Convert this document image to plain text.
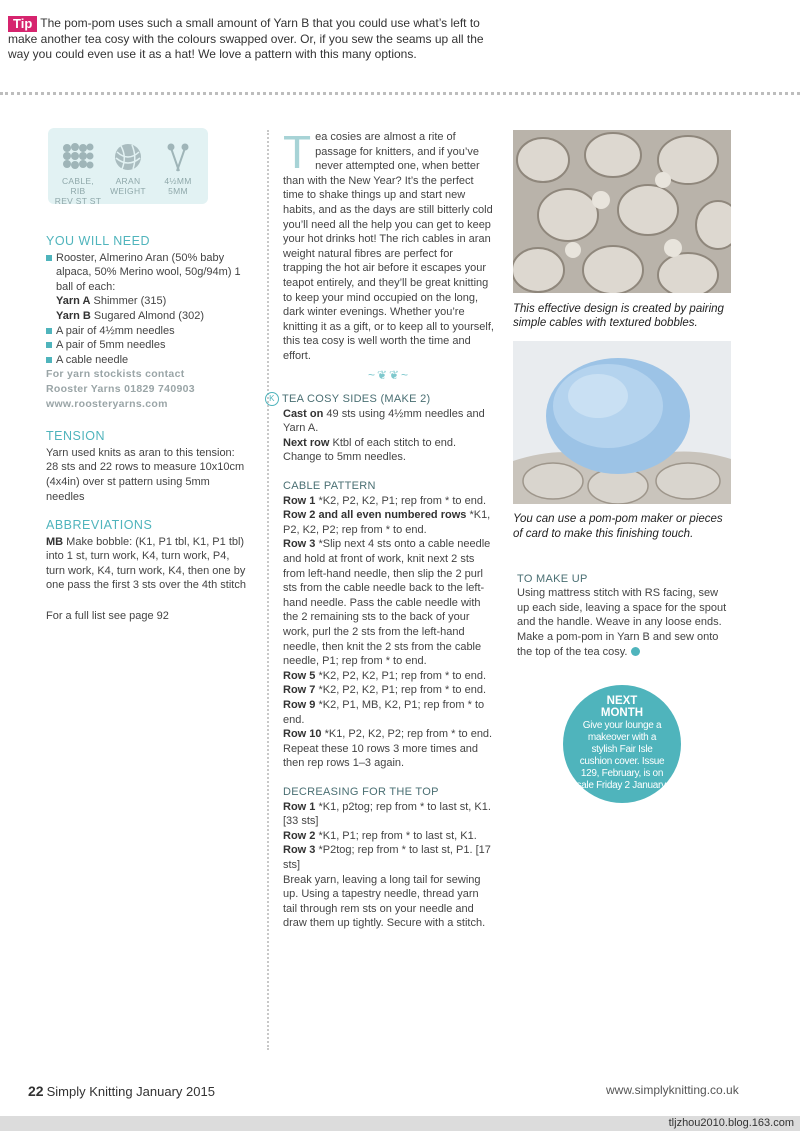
Tip The pom-pom uses such a small amount of Yarn B that you could use what’s left to make another tea cosy with the colours swapped over. Or, if you sew the seams up all the way you could even use it as a hat! We love a pattern with this many options.
CABLE, RIB
REV ST ST
ARAN
WEIGHT
4½MM
5MM
YOU WILL NEED
Rooster, Almerino Aran (50% baby alpaca, 50% Merino wool, 50g/94m) 1 ball of each:
Yarn A Shimmer (315)
Yarn B Sugared Almond (302)
A pair of 4½mm needles
A pair of 5mm needles
A cable needle
For yarn stockists contact
Rooster Yarns 01829 740903
www.roosteryarns.com
TENSION
Yarn used knits as aran to this tension: 28 sts and 22 rows to measure 10x10cm (4x4in) over st pattern using 5mm needles
ABBREVIATIONS
MB Make bobble: (K1, P1 tbl, K1, P1 tbl) into 1 st, turn work, K4, turn work, P4, turn work, K4, turn work, K4, then one by one pass the first 3 sts over the 4th stitch
For a full list see page 92
Tea cosies are almost a rite of passage for knitters, and if you’ve never attempted one, when better than with the New Year? It’s the perfect time to shake things up and start new habits, and as the days are still bitterly cold you’ll need all the help you can get to keep your hot drinks hot! The rich cables in aran weight natural fibres are perfect for trapping the hot air before it escapes your teapot entirely, and they’ll be great knitting to keep your mind occupied on the long, dark winter evenings. Whether you’re knitting it as a gift, or to keep all to yourself, this tea cosy is well worth the time and effort.
~❦❦~
K TEA COSY SIDES (MAKE 2)
Cast on 49 sts using 4½mm needles and Yarn A.
Next row Ktbl of each stitch to end. Change to 5mm needles.
CABLE PATTERN
Row 1 *K2, P2, K2, P1; rep from * to end.
Row 2 and all even numbered rows *K1, P2, K2, P2; rep from * to end.
Row 3 *Slip next 4 sts onto a cable needle and hold at front of work, knit next 2 sts from left-hand needle, then slip the 2 purl sts from the cable needle back to the left-hand needle. Pass the cable needle with the 2 remaining sts to the back of your work, purl the 2 sts from the left-hand needle, then knit the 2 sts from the cable needle, P1; rep from * to end.
Row 5 *K2, P2, K2, P1; rep from * to end.
Row 7 *K2, P2, K2, P1; rep from * to end.
Row 9 *K2, P1, MB, K2, P1; rep from * to end.
Row 10 *K1, P2, K2, P2; rep from * to end.
Repeat these 10 rows 3 more times and then rep rows 1–3 again.
DECREASING FOR THE TOP
Row 1 *K1, p2tog; rep from * to last st, K1. [33 sts]
Row 2 *K1, P1; rep from * to last st, K1.
Row 3 *P2tog; rep from * to last st, P1. [17 sts]
Break yarn, leaving a long tail for sewing up. Using a tapestry needle, thread yarn tail through rem sts on your needle and draw them up tightly. Secure with a stitch.
This effective design is created by pairing simple cables with textured bobbles.
You can use a pom-pom maker or pieces of card to make this finishing touch.
TO MAKE UP
Using mattress stitch with RS facing, sew up each side, leaving a space for the spout and the handle. Weave in any loose ends.
Make a pom-pom in Yarn B and sew onto the top of the tea cosy.
NEXT
MONTH
Give your lounge a makeover with a stylish Fair Isle cushion cover. Issue 129, February, is on sale Friday 2 January.
22 Simply Knitting January 2015	www.simplyknitting.co.uk
tljzhou2010.blog.163.com
